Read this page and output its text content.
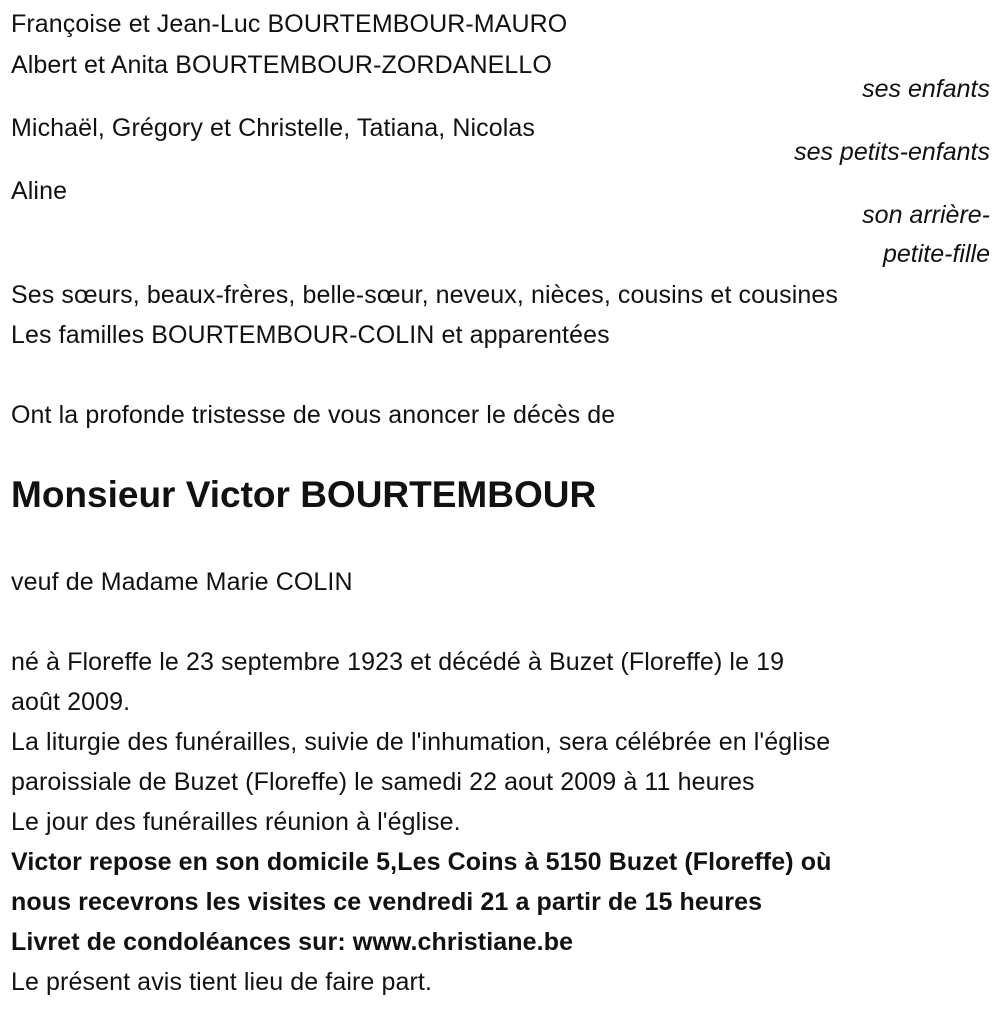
Françoise et Jean-Luc BOURTEMBOUR-MAURO
Albert et Anita BOURTEMBOUR-ZORDANELLO
ses enfants
Michaël, Grégory et Christelle, Tatiana, Nicolas
ses petits-enfants
Aline
son arrière-
petite-fille
Ses sœurs, beaux-frères, belle-sœur, neveux, nièces, cousins et cousines
Les familles BOURTEMBOUR-COLIN et apparentées
Ont la profonde tristesse de vous anoncer le décès de
Monsieur Victor BOURTEMBOUR
veuf de Madame Marie COLIN
né à Floreffe le 23 septembre 1923 et décédé à Buzet (Floreffe) le 19
août 2009.
La liturgie des funérailles, suivie de l'inhumation, sera célébrée en l'église
paroissiale de Buzet (Floreffe) le samedi 22 aout 2009 à 11 heures
Le jour des funérailles réunion à l'église.
Victor repose en son domicile 5,Les Coins à 5150 Buzet (Floreffe) où
nous recevrons les visites ce vendredi 21 a partir de 15 heures
Livret de condoléances sur: www.christiane.be
Le présent avis tient lieu de faire part.
